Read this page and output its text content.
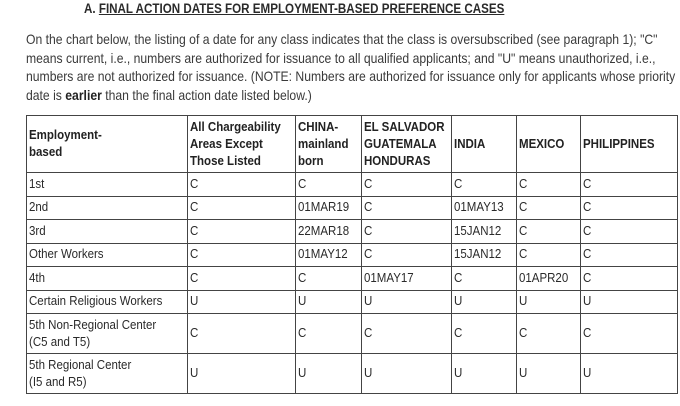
A. FINAL ACTION DATES FOR EMPLOYMENT-BASED PREFERENCE CASES
On the chart below, the listing of a date for any class indicates that the class is oversubscribed (see paragraph 1); "C" means current, i.e., numbers are authorized for issuance to all qualified applicants; and "U" means unauthorized, i.e., numbers are not authorized for issuance. (NOTE: Numbers are authorized for issuance only for applicants whose priority date is earlier than the final action date listed below.)
Employment-
based	All Chargeability
Areas Except
Those Listed	CHINA-
mainland
born	EL SALVADOR
GUATEMALA
HONDURAS	INDIA	MEXICO	PHILIPPINES
1st	C	C	C	C	C	C
2nd	C	01MAR19	C	01MAY13	C	C
3rd	C	22MAR18	C	15JAN12	C	C
Other Workers	C	01MAY12	C	15JAN12	C	C
4th	C	C	01MAY17	C	01APR20	C
Certain Religious Workers	U	U	U	U	U	U
5th Non-Regional Center
(C5 and T5)	C	C	C	C	C	C
5th Regional Center
(I5 and R5)	U	U	U	U	U	U
